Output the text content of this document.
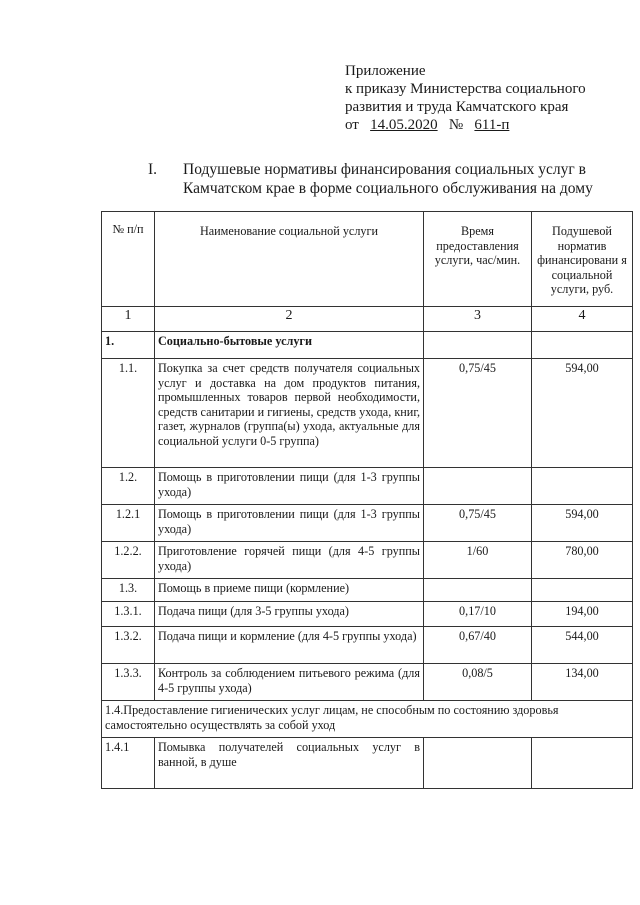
Приложение
к приказу Министерства социального
развития и труда Камчатского края
от 14.05.2020 № 611-п
I.	Подушевые нормативы финансирования социальных услуг в
Камчатском крае в форме социального обслуживания на дому
№ п/п	Наименование социальной услуги	Время предоставления услуги, час/мин.	Подушевой норматив финансировани я социальной услуги, руб.
1	2	3	4
1.	Социально-бытовые услуги		
1.1.	Покупка за счет средств получателя социальных услуг и доставка на дом продуктов питания, промышленных товаров первой необходимости, средств санитарии и гигиены, средств ухода, книг, газет, журналов (группа(ы) ухода, актуальные для социальной услуги 0-5 группа)	0,75/45	594,00
1.2.	Помощь в приготовлении пищи (для 1-3 группы ухода)		
1.2.1	Помощь в приготовлении пищи (для 1-3 группы ухода)	0,75/45	594,00
1.2.2.	Приготовление горячей пищи (для 4-5 группы ухода)	1/60	780,00
1.3.	Помощь в приеме пищи (кормление)		
1.3.1.	Подача пищи (для 3-5 группы ухода)	0,17/10	194,00
1.3.2.	Подача пищи и кормление (для 4-5 группы ухода)	0,67/40	544,00
1.3.3.	Контроль за соблюдением питьевого режима (для 4-5 группы ухода)	0,08/5	134,00
1.4.Предоставление гигиенических услуг лицам, не способным по состоянию здоровья самостоятельно осуществлять за собой уход			
1.4.1	Помывка получателей социальных услуг в ванной, в душе		
